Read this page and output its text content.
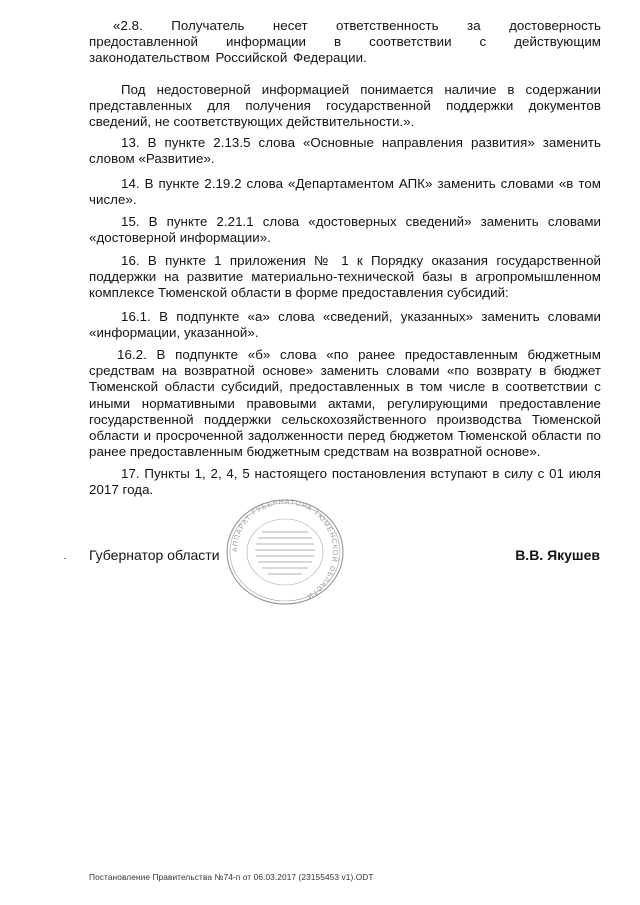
«2.8. Получатель несет ответственность за достоверность предоставленной информации в соответствии с действующим законодательством Российской Федерации.

Под недостоверной информацией понимается наличие в содержании представленных для получения государственной поддержки документов сведений, не соответствующих действительности.».

13. В пункте 2.13.5 слова «Основные направления развития» заменить словом «Развитие».

14. В пункте 2.19.2 слова «Департаментом АПК» заменить словами «в том числе».

15. В пункте 2.21.1 слова «достоверных сведений» заменить словами «достоверной информации».

16. В пункте 1 приложения № 1 к Порядку оказания государственной поддержки на развитие материально-технической базы в агропромышленном комплексе Тюменской области в форме предоставления субсидий:

16.1. В подпункте «а» слова «сведений, указанных» заменить словами «информации, указанной».

16.2. В подпункте «б» слова «по ранее предоставленным бюджетным средствам на возвратной основе» заменить словами «по возврату в бюджет Тюменской области субсидий, предоставленных в том числе в соответствии с иными нормативными правовыми актами, регулирующими предоставление государственной поддержки сельскохозяйственного производства Тюменской области и просроченной задолженности перед бюджетом Тюменской области по ранее предоставленным бюджетным средствам на возвратной основе».

17. Пункты 1, 2, 4, 5 настоящего постановления вступают в силу с 01 июля 2017 года.

АППАРАТ ГУБЕРНАТОРА ТЮМЕНСКОЙ ОБЛАСТИ
Губернатор области	В.В. Якушев
Постановление Правительства №74-п от 06.03.2017 (23155453 v1).ODT
